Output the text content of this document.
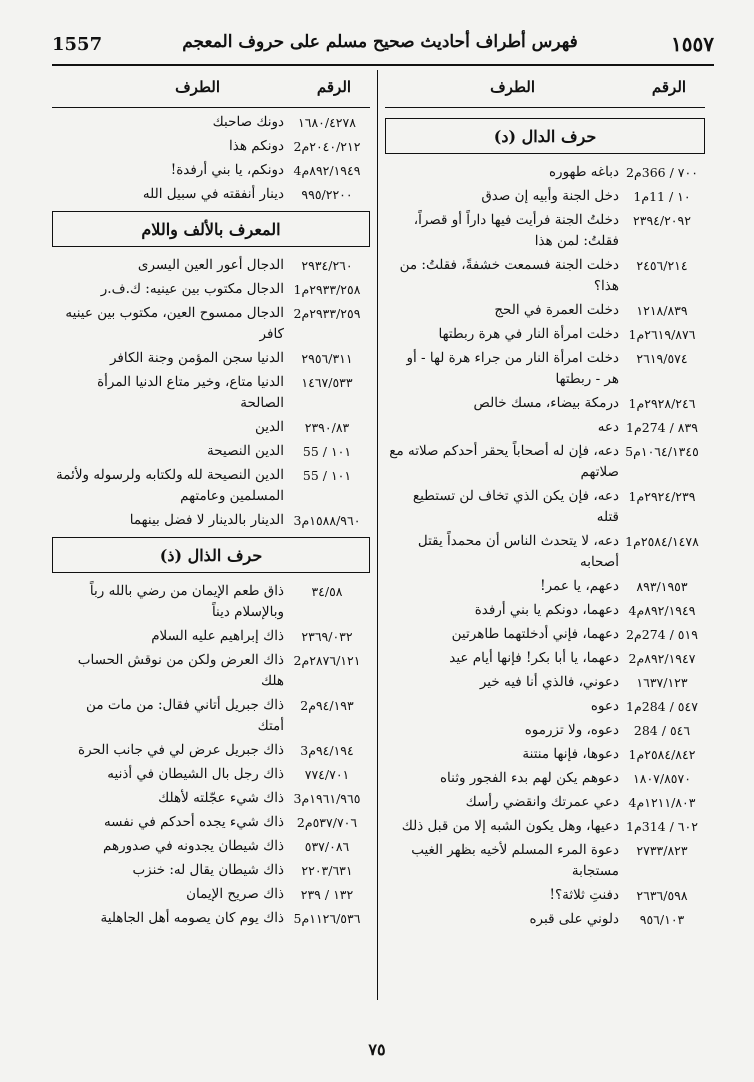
1557	فهرس أطراف أحاديث صحيح مسلم على حروف المعجم	١٥٥٧
الرقم
الطرف
الرقم
الطرف
حرف الدال (د)
٧٠٠ / 366م2
دباغه طهوره
١٠ / 11م1
دخل الجنة وأبيه إن صدق
٢٣٩٤/٢٠٩٢
دخلتُ الجنة فرأيت فيها داراً أو قصراً، فقلتُ: لمن هذا
٢٤٥٦/٢١٤
دخلت الجنة فسمعت خشفةً، فقلتُ: من هذا؟
١٢١٨/٨٣٩
دخلت العمرة في الحج
٢٦١٩/٨٧٦م1
دخلت امرأة النار في هرة ربطتها
٢٦١٩/٥٧٤
دخلت امرأة النار من جراء هرة لها - أو هر - ربطتها
٢٩٢٨/٢٤٦م1
درمكة بيضاء، مسك خالص
٨٣٩ / 274م1
دعه
١٠٦٤/١٣٤٥م5
دعه، فإن له أصحاباً يحقر أحدكم صلاته مع صلاتهم
٢٩٢٤/٢٣٩م1
دعه، فإن يكن الذي تخاف لن تستطيع قتله
٢٥٨٤/١٤٧٨م1
دعه، لا يتحدث الناس أن محمداً يقتل أصحابه
٨٩٣/١٩٥٣
دعهم، يا عمر!
٨٩٢/١٩٤٩م4
دعهما، دونكم يا بني أرفدة
٥١٩ / 274م2
دعهما، فإني أدخلتهما طاهرتين
٨٩٢/١٩٤٧م2
دعهما، يا أبا بكر! فإنها أيام عيد
١٦٣٧/١٢٣
دعوني، فالذي أنا فيه خير
٥٤٧ / 284م1
دعوه
٥٤٦ / 284
دعوه، ولا تزرموه
٢٥٨٤/٨٤٢م1
دعوها، فإنها منتنة
١٨٠٧/٨٥٧٠
دعوهم يكن لهم بدء الفجور وثناه
١٢١١/٨٠٣م4
دعي عمرتك وانقضي رأسك
٦٠٢ / 314م1
دعيها، وهل يكون الشبه إلا من قبل ذلك
٢٧٣٣/٨٢٣
دعوة المرء المسلم لأخيه بظهر الغيب مستجابة
٢٦٣٦/٥٩٨
دفنتِ ثلاثة؟!
٩٥٦/١٠٣
دلوني على قبره
١٦٨٠/٤٢٧٨
دونك صاحبك
٢٠٤٠/٢١٢م2
دونكم هذا
٨٩٢/١٩٤٩م4
دونكم، يا بني أرفدة!
٩٩٥/٢٢٠٠
دينار أنفقته في سبيل الله
المعرف بالألف واللام
٢٩٣٤/٢٦٠
الدجال أعور العين اليسرى
٢٩٣٣/٢٥٨م1
الدجال مكتوب بين عينيه: ك.ف.ر
٢٩٣٣/٢٥٩م2
الدجال ممسوح العين، مكتوب بين عينيه كافر
٢٩٥٦/٣١١
الدنيا سجن المؤمن وجنة الكافر
١٤٦٧/٥٣٣
الدنيا متاع، وخير متاع الدنيا المرأة الصالحة
٢٣٩٠/٨٣
الدين
١٠١ / 55
الدين النصيحة
١٠١ / 55
الدين النصيحة لله ولكتابه ولرسوله ولأئمة المسلمين وعامتهم
١٥٨٨/٩٦٠م3
الدينار بالدينار لا فضل بينهما
حرف الذال (ذ)
٣٤/٥٨
ذاق طعم الإيمان من رضي بالله رباً وبالإسلام ديناً
٢٣٦٩/٠٣٢
ذاك إبراهيم عليه السلام
٢٨٧٦/١٢١م2
ذاك العرض ولكن من نوقش الحساب هلك
٩٤/١٩٣م2
ذاك جبريل أتاني فقال: من مات من أمتك
٩٤/١٩٤م3
ذاك جبريل عرض لي في جانب الحرة
٧٧٤/٧٠١
ذاك رجل بال الشيطان في أذنيه
١٩٦١/٩٦٥م3
ذاك شيء عجّلته لأهلك
٥٣٧/٧٠٦م2
ذاك شيء يجده أحدكم في نفسه
٥٣٧/٠٨٦
ذاك شيطان يجدونه في صدورهم
٢٢٠٣/٦٣١
ذاك شيطان يقال له: خنزب
١٣٢ / ٢٣٩
ذاك صريح الإيمان
١١٢٦/٥٣٦م5
ذاك يوم كان يصومه أهل الجاهلية
٧٥
